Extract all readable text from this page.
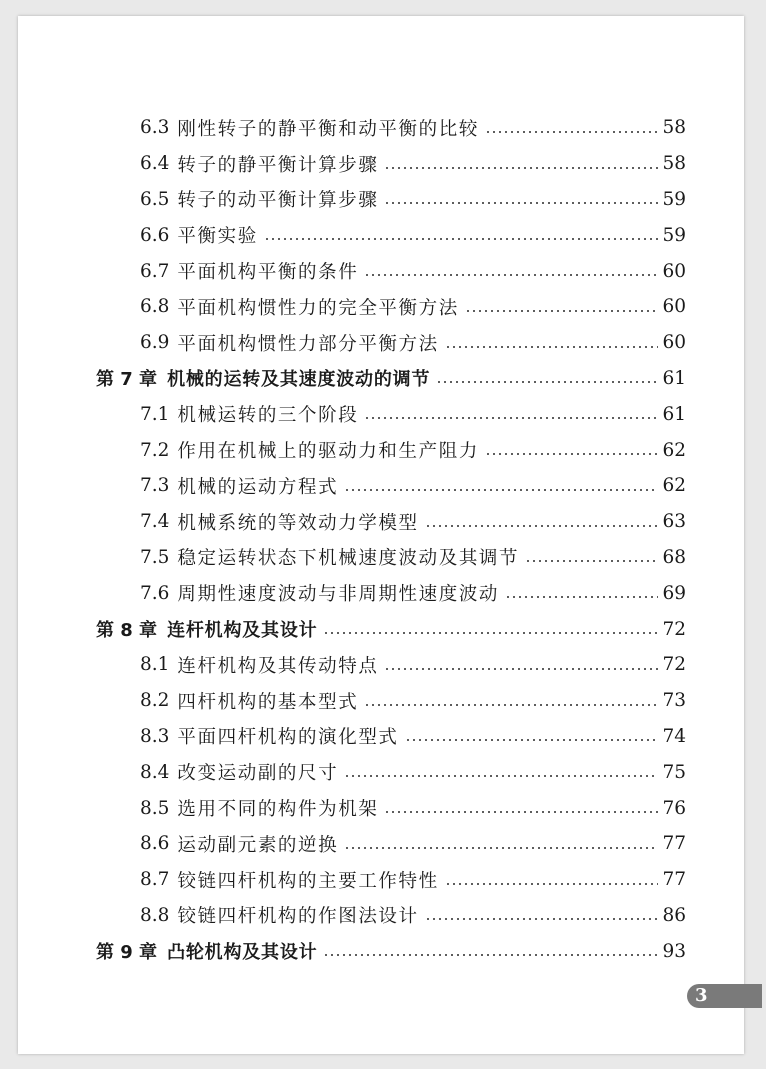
6.3 刚性转子的静平衡和动平衡的比较	58
6.4 转子的静平衡计算步骤	58
6.5 转子的动平衡计算步骤	59
6.6 平衡实验	59
6.7 平面机构平衡的条件	60
6.8 平面机构惯性力的完全平衡方法	60
6.9 平面机构惯性力部分平衡方法	60
第 7 章 机械的运转及其速度波动的调节	61
7.1 机械运转的三个阶段	61
7.2 作用在机械上的驱动力和生产阻力	62
7.3 机械的运动方程式	62
7.4 机械系统的等效动力学模型	63
7.5 稳定运转状态下机械速度波动及其调节	68
7.6 周期性速度波动与非周期性速度波动	69
第 8 章 连杆机构及其设计	72
8.1 连杆机构及其传动特点	72
8.2 四杆机构的基本型式	73
8.3 平面四杆机构的演化型式	74
8.4 改变运动副的尺寸	75
8.5 选用不同的构件为机架	76
8.6 运动副元素的逆换	77
8.7 铰链四杆机构的主要工作特性	77
8.8 铰链四杆机构的作图法设计	86
第 9 章 凸轮机构及其设计	93
3
